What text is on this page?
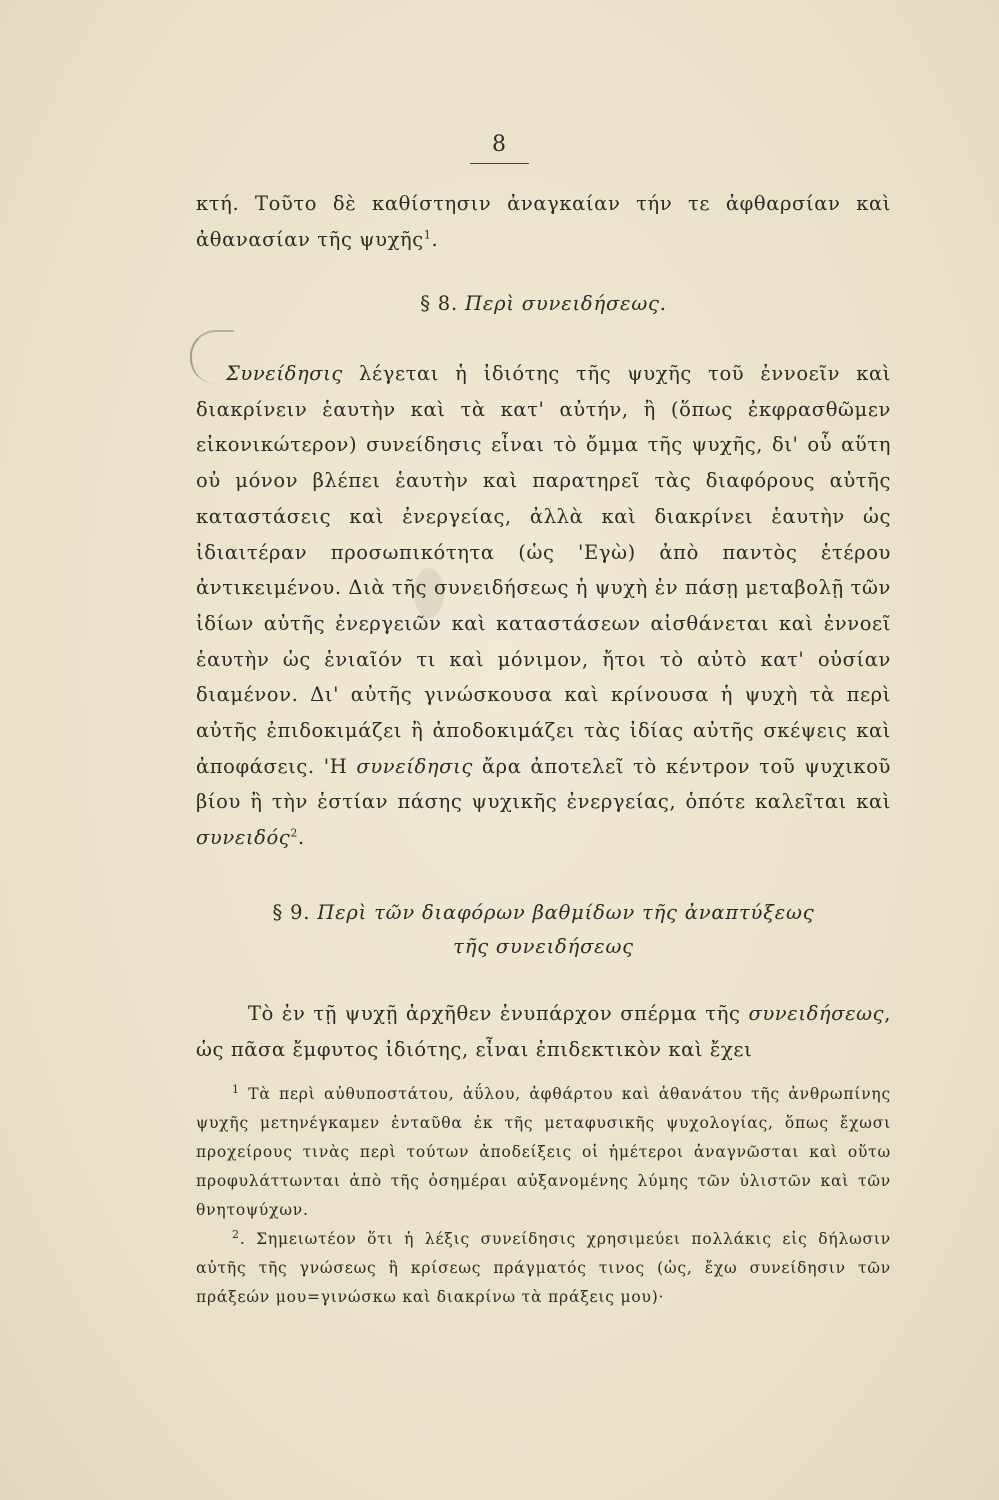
8

κτή. Τοῦτο δὲ καθίστησιν ἀναγκαίαν τήν τε ἀφθαρσίαν καὶ ἀθανασίαν τῆς ψυχῆς$^1$.

§ 8. Περὶ συνειδήσεως.

Συνείδησις λέγεται ἡ ἰδιότης τῆς ψυχῆς τοῦ ἐννοεῖν καὶ διακρίνειν ἑαυτὴν καὶ τὰ κατ' αὐτήν, ἢ (ὅπως ἐκφρασθῶμεν εἰκονικώτερον) συνείδησις εἶναι τὸ ὄμμα τῆς ψυχῆς, δι' οὗ αὕτη οὐ μόνον βλέπει ἑαυτὴν καὶ παρατηρεῖ τὰς διαφόρους αὐτῆς καταστάσεις καὶ ἐνεργείας, ἀλλὰ καὶ διακρίνει ἑαυτὴν ὡς ἰδιαιτέραν προσωπικότητα (ὡς 'Εγὼ) ἀπὸ παντὸς ἑτέρου ἀντικειμένου. Διὰ τῆς συνειδήσεως ἡ ψυχὴ ἐν πάσῃ μεταβολῇ τῶν ἰδίων αὐτῆς ἐνεργειῶν καὶ καταστάσεων αἰσθάνεται καὶ ἐννοεῖ ἑαυτὴν ὡς ἑνιαῖόν τι καὶ μόνιμον, ἤτοι τὸ αὐτὸ κατ' οὐσίαν διαμένον. Δι' αὐτῆς γινώσκουσα καὶ κρίνουσα ἡ ψυχὴ τὰ περὶ αὐτῆς ἐπιδοκιμάζει ἢ ἀποδοκιμάζει τὰς ἰδίας αὐτῆς σκέψεις καὶ ἀποφάσεις. 'Η συνείδησις ἄρα ἀποτελεῖ τὸ κέντρον τοῦ ψυχικοῦ βίου ἢ τὴν ἑστίαν πάσης ψυχικῆς ἐνεργείας, ὁπότε καλεῖται καὶ συνειδός$^2$.

§ 9. Περὶ τῶν διαφόρων βαθμίδων τῆς ἀναπτύξεως
τῆς συνειδήσεως

Τὸ ἐν τῇ ψυχῇ ἀρχῆθεν ἐνυπάρχον σπέρμα τῆς συνειδήσεως, ὡς πᾶσα ἔμφυτος ἰδιότης, εἶναι ἐπιδεκτικὸν καὶ ἔχει

$^1$ Τὰ περὶ αὐθυποστάτου, ἀΰλου, ἀφθάρτου καὶ ἀθανάτου τῆς ἀνθρωπίνης ψυχῆς μετηνέγκαμεν ἐνταῦθα ἐκ τῆς μεταφυσικῆς ψυχολογίας, ὅπως ἔχωσι προχείρους τινὰς περὶ τούτων ἀποδείξεις οἱ ἡμέτεροι ἀναγνῶσται καὶ οὕτω προφυλάττωνται ἀπὸ τῆς ὁσημέραι αὐξανομένης λύμης τῶν ὑλιστῶν καὶ τῶν θνητοψύχων.

$^2$. Σημειωτέον ὅτι ἡ λέξις συνείδησις χρησιμεύει πολλάκις εἰς δήλωσιν αὐτῆς τῆς γνώσεως ἢ κρίσεως πράγματός τινος (ὡς, ἔχω συνείδησιν τῶν πράξεών μου=γινώσκω καὶ διακρίνω τὰ πράξεις μου)·
